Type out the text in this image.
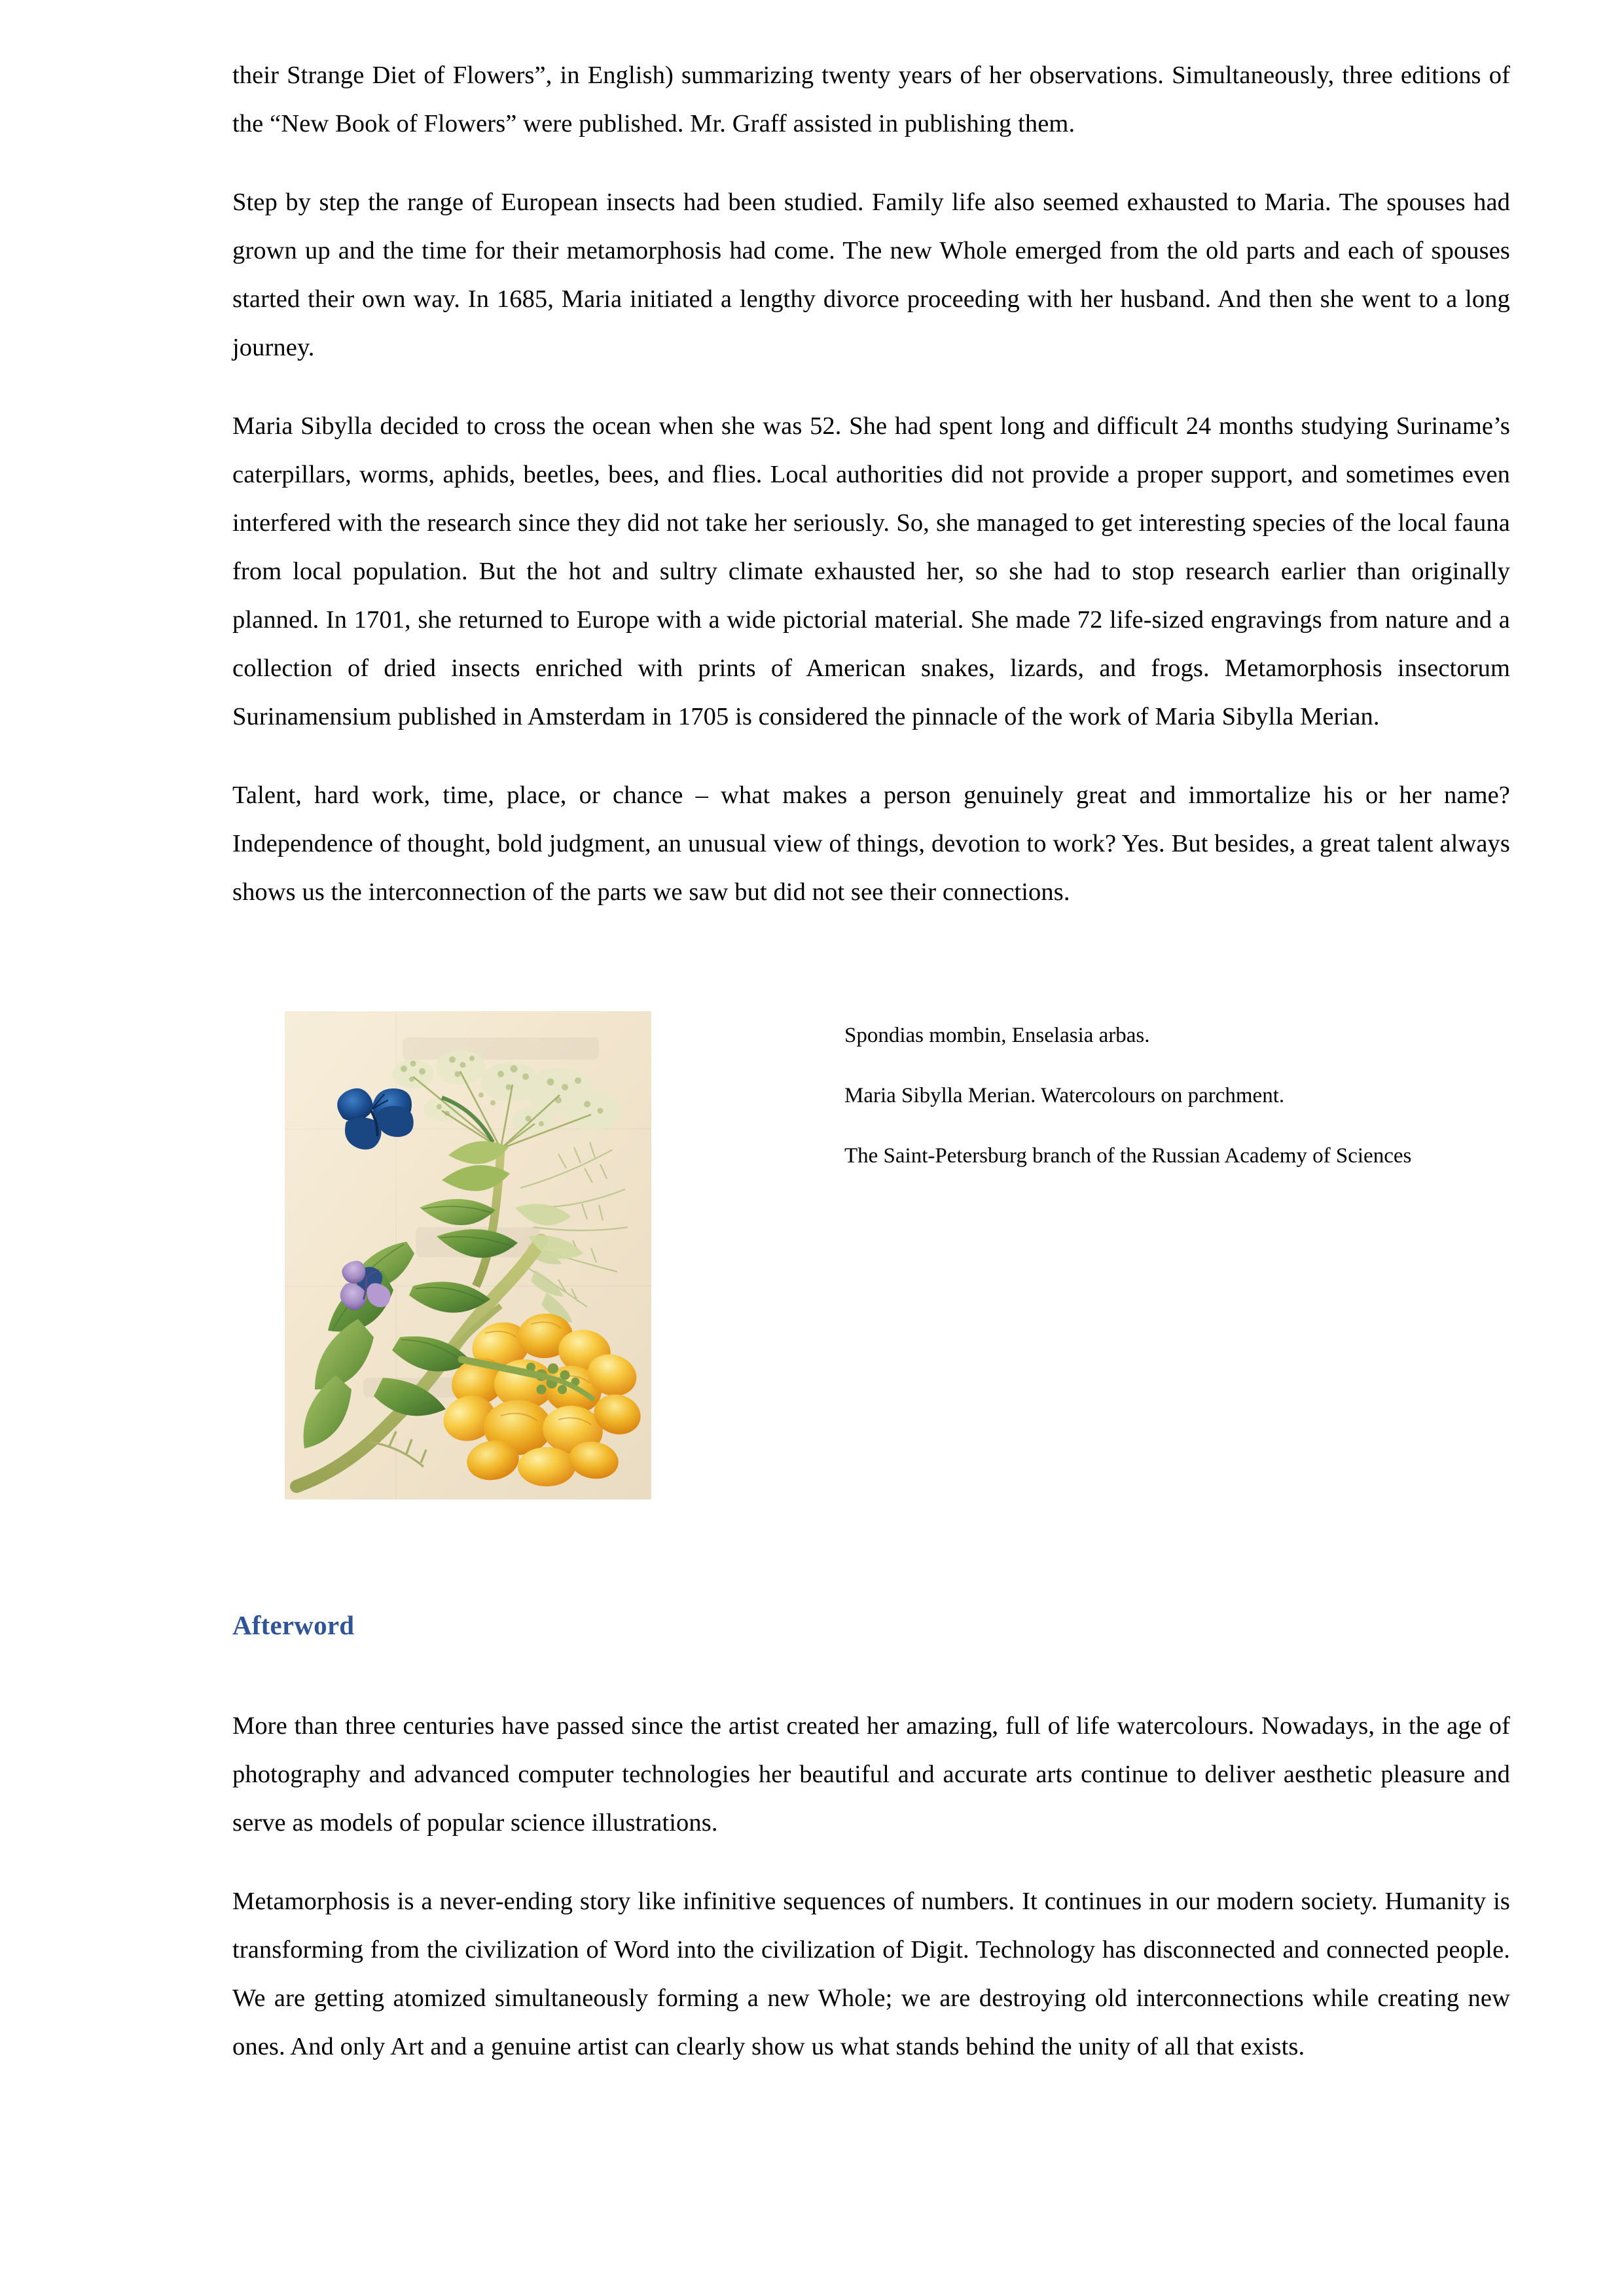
their Strange Diet of Flowers”, in English) summarizing twenty years of her observations. Simultaneously, three editions of the “New Book of Flowers” were published. Mr. Graff assisted in publishing them.

Step by step the range of European insects had been studied. Family life also seemed exhausted to Maria. The spouses had grown up and the time for their metamorphosis had come. The new Whole emerged from the old parts and each of spouses started their own way. In 1685, Maria initiated a lengthy divorce proceeding with her husband. And then she went to a long journey.

Maria Sibylla decided to cross the ocean when she was 52. She had spent long and difficult 24 months studying Suriname’s caterpillars, worms, aphids, beetles, bees, and flies. Local authorities did not provide a proper support, and sometimes even interfered with the research since they did not take her seriously. So, she managed to get interesting species of the local fauna from local population. But the hot and sultry climate exhausted her, so she had to stop research earlier than originally planned. In 1701, she returned to Europe with a wide pictorial material. She made 72 life-sized engravings from nature and a collection of dried insects enriched with prints of American snakes, lizards, and frogs. Metamorphosis insectorum Surinamensium published in Amsterdam in 1705 is considered the pinnacle of the work of Maria Sibylla Merian.

Talent, hard work, time, place, or chance – what makes a person genuinely great and immortalize his or her name? Independence of thought, bold judgment, an unusual view of things, devotion to work? Yes. But besides, a great talent always shows us the interconnection of the parts we saw but did not see their connections.

Spondias mombin, Enselasia arbas.

Maria Sibylla Merian. Watercolours on parchment.

The Saint-Petersburg branch of the Russian Academy of Sciences

Afterword

More than three centuries have passed since the artist created her amazing, full of life watercolours. Nowadays, in the age of photography and advanced computer technologies her beautiful and accurate arts continue to deliver aesthetic pleasure and serve as models of popular science illustrations.

Metamorphosis is a never-ending story like infinitive sequences of numbers. It continues in our modern society. Humanity is transforming from the civilization of Word into the civilization of Digit. Technology has disconnected and connected people. We are getting atomized simultaneously forming a new Whole; we are destroying old interconnections while creating new ones. And only Art and a genuine artist can clearly show us what stands behind the unity of all that exists.
